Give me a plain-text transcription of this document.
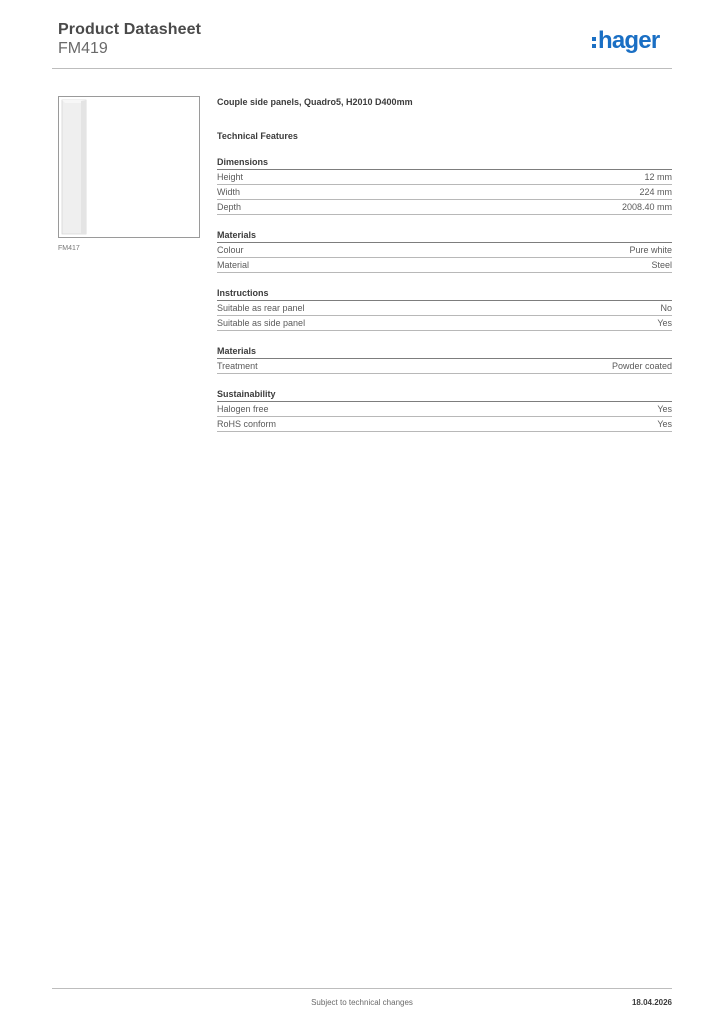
Product Datasheet
FM419	hager
FM417
Couple side panels, Quadro5, H2010 D400mm
Technical Features
Dimensions
Height	12 mm
Width	224 mm
Depth	2008.40 mm
Materials
Colour	Pure white
Material	Steel
Instructions
Suitable as rear panel	No
Suitable as side panel	Yes
Materials
Treatment	Powder coated
Sustainability
Halogen free	Yes
RoHS conform	Yes
Subject to technical changes	18.04.2026
